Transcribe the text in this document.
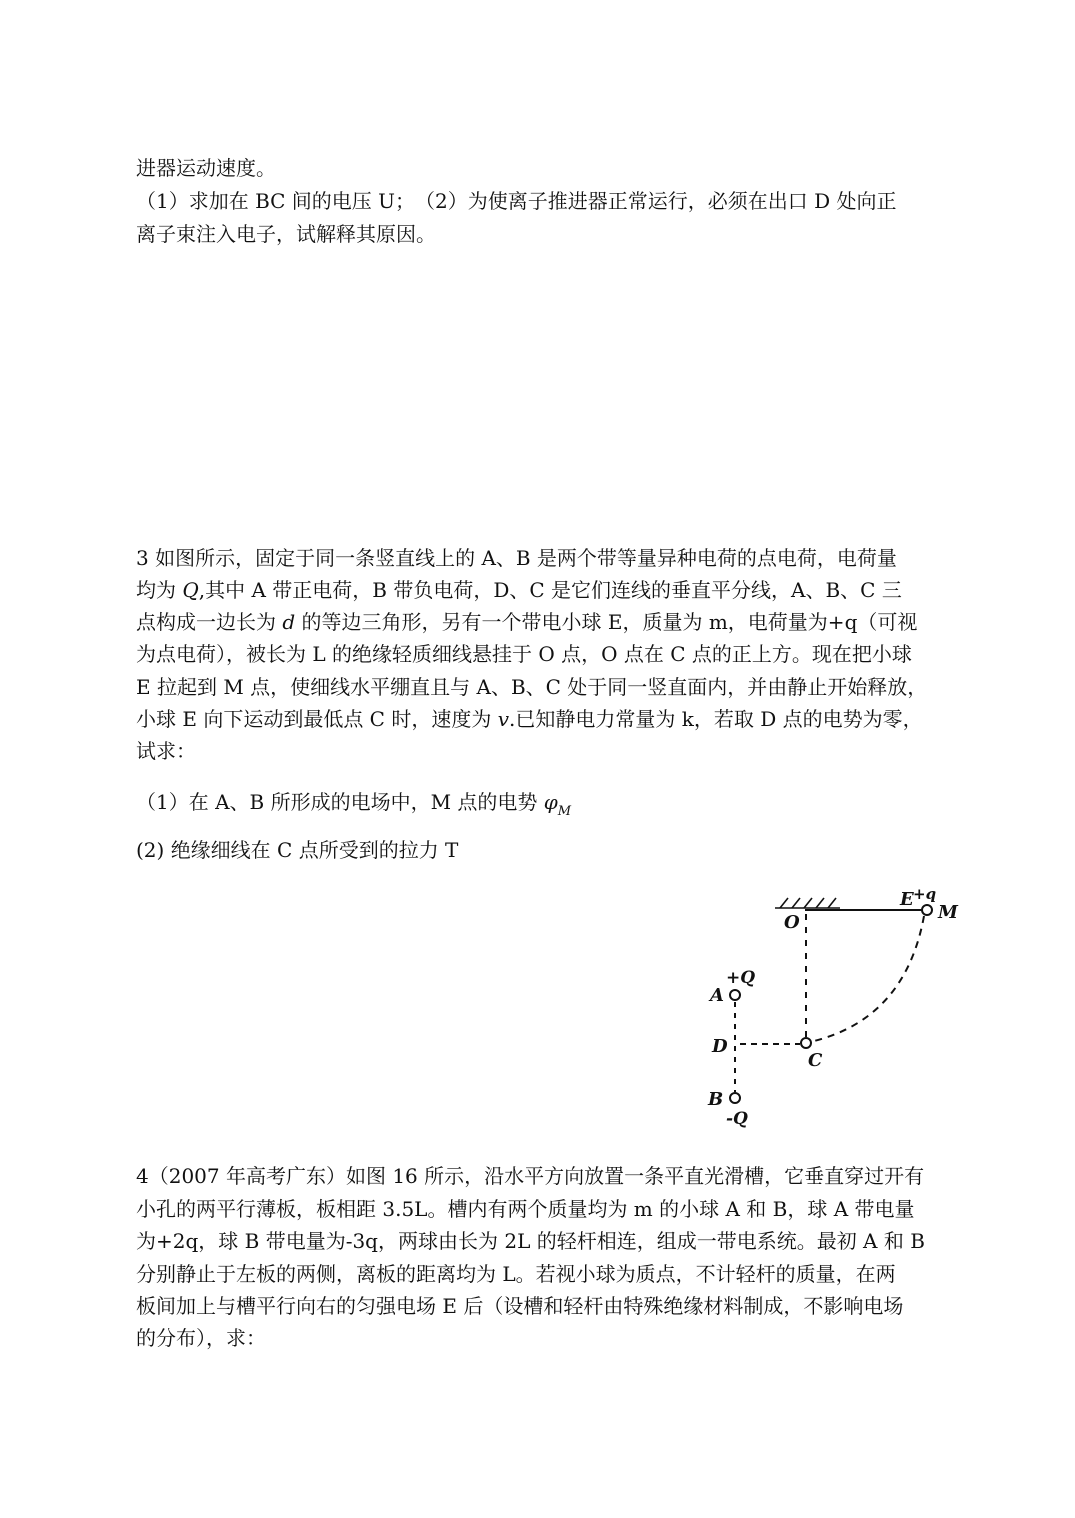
进器运动速度。
（1）求加在 BC 间的电压 U；　（2）为使离子推进器正常运行，必须在出口 D 处向正
离子束注入电子，试解释其原因。
3 如图所示，固定于同一条竖直线上的 A、B 是两个带等量异种电荷的点电荷，电荷量
均为 Q,其中 A 带正电荷，B 带负电荷，D、C 是它们连线的垂直平分线，A、B、C 三
点构成一边长为 d 的等边三角形，另有一个带电小球 E，质量为 m，电荷量为+q（可视
为点电荷），被长为 L 的绝缘轻质细线悬挂于 O 点，O 点在 C 点的正上方。现在把小球
E 拉起到 M 点，使细线水平绷直且与 A、B、C 处于同一竖直面内，并由静止开始释放，
小球 E 向下运动到最低点 C 时，速度为 v.已知静电力常量为 k，若取 D 点的电势为零，
试求：
（1）在 A、B 所形成的电场中，M 点的电势 $\varphi_M$
(2) 绝缘细线在 C 点所受到的拉力 T
O
E +q
M
A
+Q
D
C
B
-Q
4（2007 年高考广东）如图 16 所示，沿水平方向放置一条平直光滑槽，它垂直穿过开有
小孔的两平行薄板，板相距 3.5L。槽内有两个质量均为 m 的小球 A 和 B，球 A 带电量
为+2q，球 B 带电量为-3q，两球由长为 2L 的轻杆相连，组成一带电系统。最初 A 和 B
分别静止于左板的两侧，离板的距离均为 L。若视小球为质点，不计轻杆的质量，在两
板间加上与槽平行向右的匀强电场 E 后（设槽和轻杆由特殊绝缘材料制成，不影响电场
的分布），求：
